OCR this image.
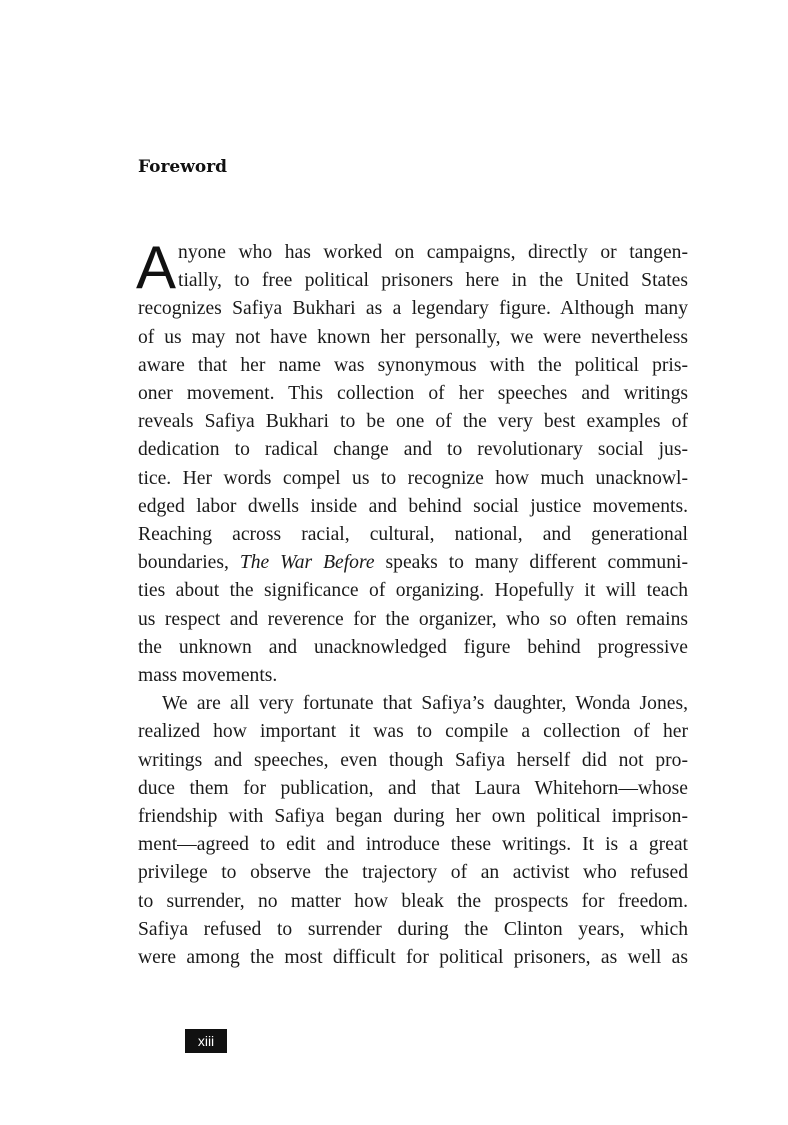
Foreword
A nyone who has worked on campaigns, directly or tangen-
tially, to free political prisoners here in the United States
recognizes Safiya Bukhari as a legendary figure. Although many
of us may not have known her personally, we were nevertheless
aware that her name was synonymous with the political pris-
oner movement. This collection of her speeches and writings
reveals Safiya Bukhari to be one of the very best examples of
dedication to radical change and to revolutionary social jus-
tice. Her words compel us to recognize how much unacknowl-
edged labor dwells inside and behind social justice movements.
Reaching across racial, cultural, national, and generational
boundaries, The War Before speaks to many different communi-
ties about the significance of organizing. Hopefully it will teach
us respect and reverence for the organizer, who so often remains
the unknown and unacknowledged figure behind progressive
mass movements.
We are all very fortunate that Safiya’s daughter, Wonda Jones,
realized how important it was to compile a collection of her
writings and speeches, even though Safiya herself did not pro-
duce them for publication, and that Laura Whitehorn—whose
friendship with Safiya began during her own political imprison-
ment—agreed to edit and introduce these writings. It is a great
privilege to observe the trajectory of an activist who refused
to surrender, no matter how bleak the prospects for freedom.
Safiya refused to surrender during the Clinton years, which
were among the most difficult for political prisoners, as well as
xiii
